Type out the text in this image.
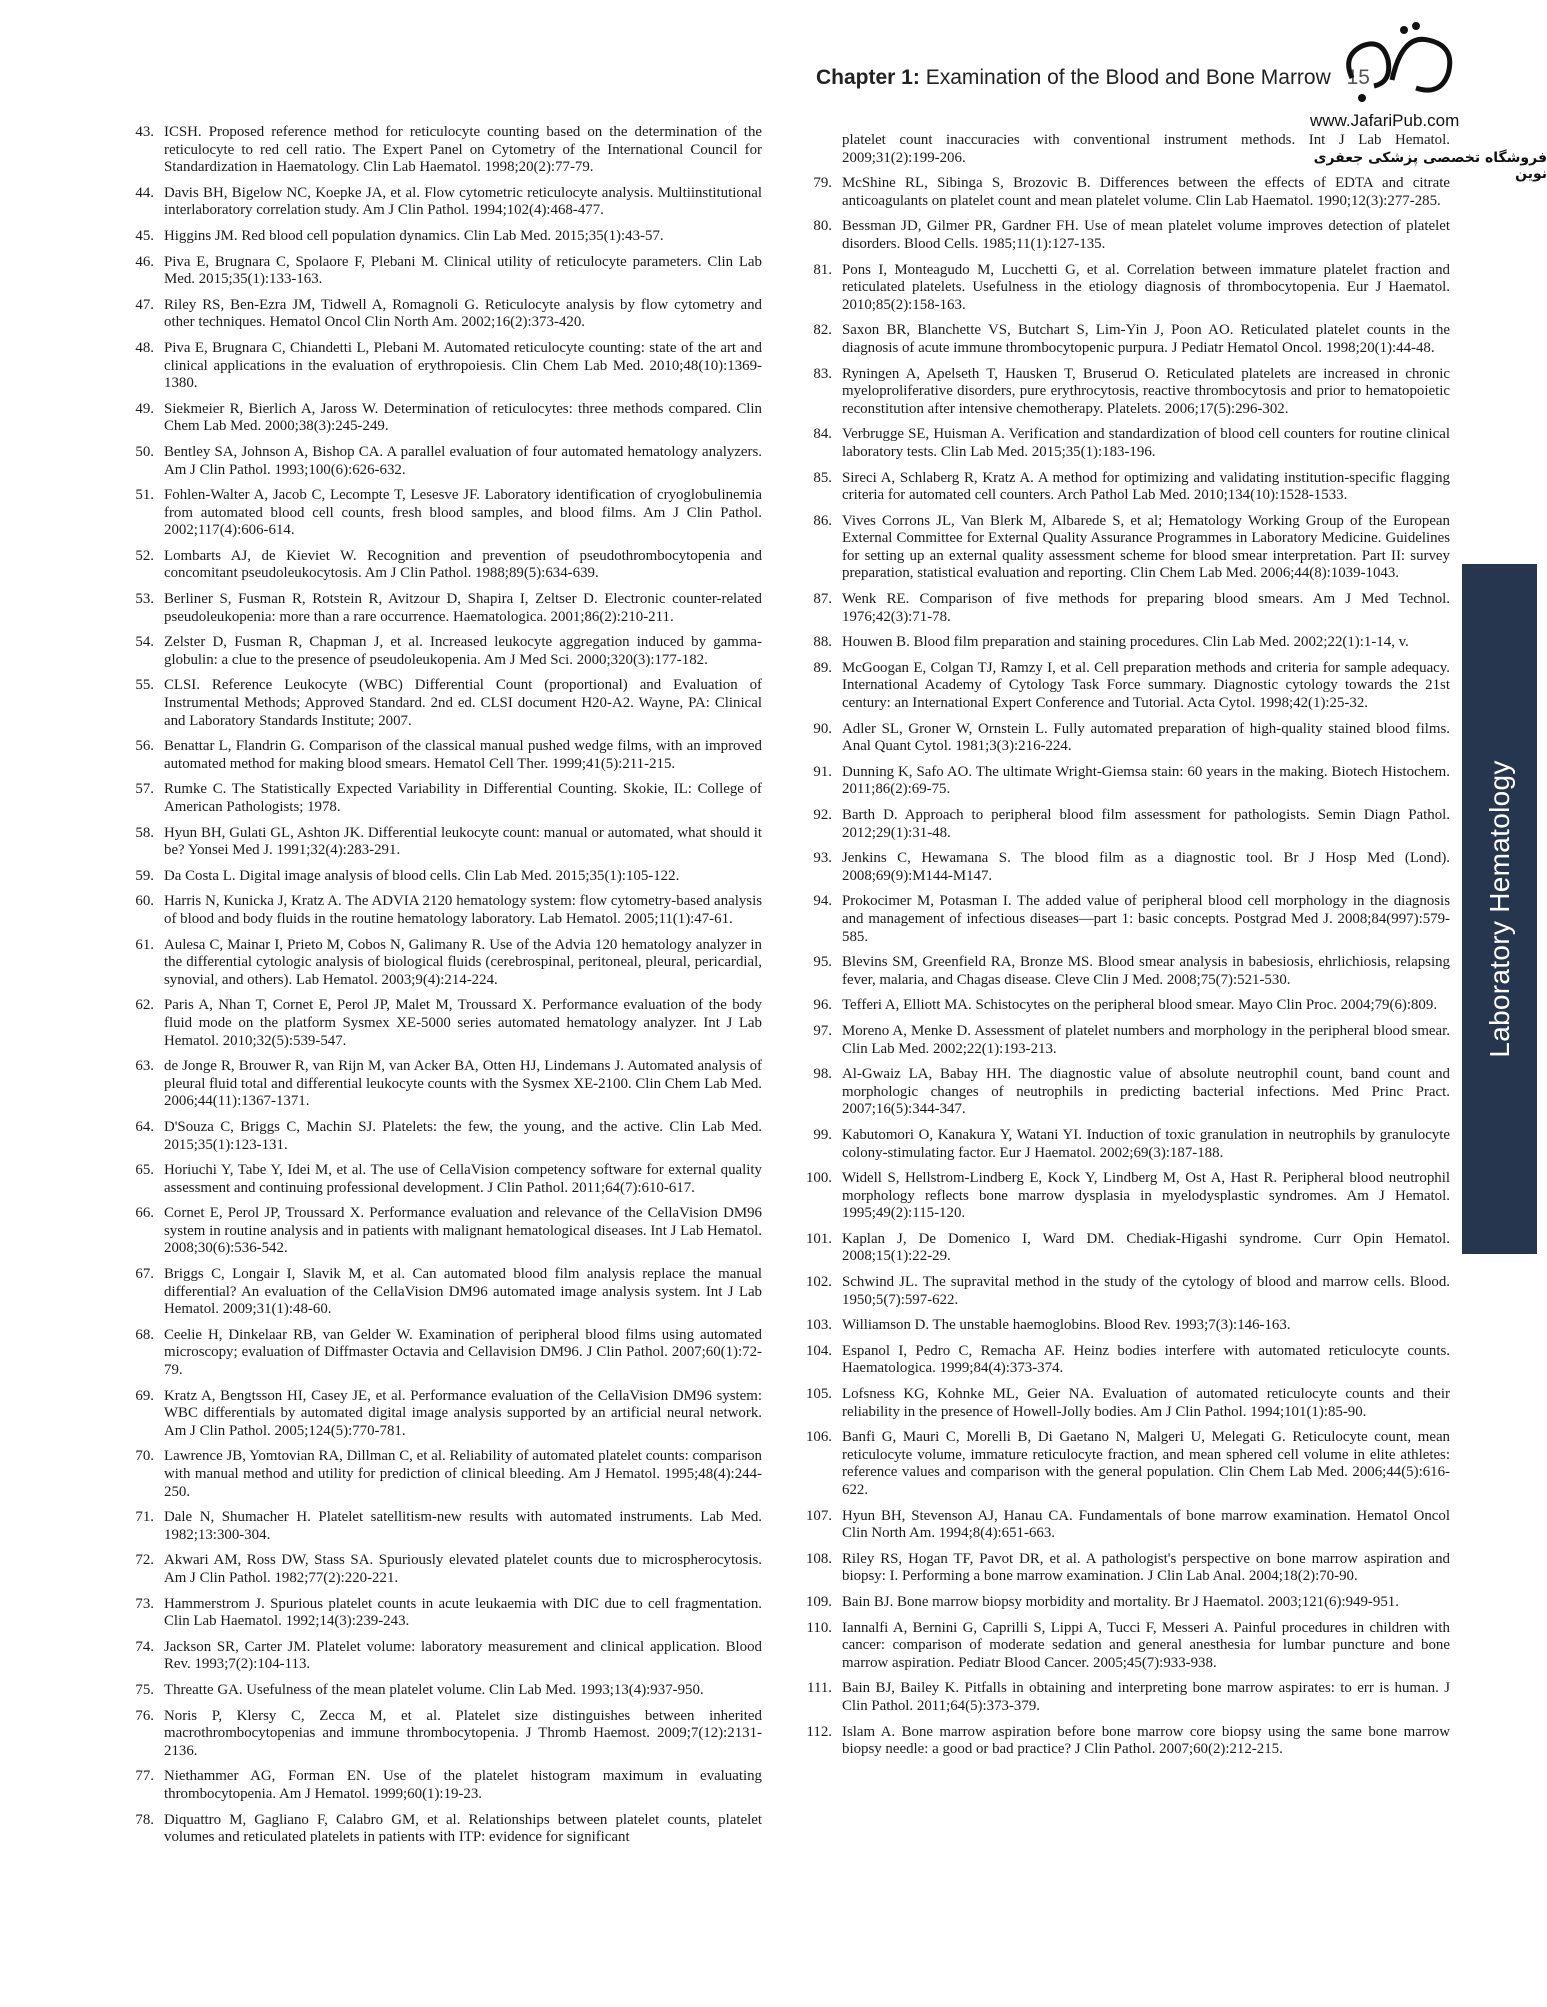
Chapter 1: Examination of the Blood and Bone Marrow 15
www.JafariPub.com
فروشگاه تخصصی پزشکی جعفری نوین
Laboratory Hematology
43. ICSH. Proposed reference method for reticulocyte counting based on the determination of the reticulocyte to red cell ratio. The Expert Panel on Cytometry of the International Council for Standardization in Haematology. Clin Lab Haematol. 1998;20(2):77-79.
44. Davis BH, Bigelow NC, Koepke JA, et al. Flow cytometric reticulocyte analysis. Multiinstitutional interlaboratory correlation study. Am J Clin Pathol. 1994;102(4):468-477.
45. Higgins JM. Red blood cell population dynamics. Clin Lab Med. 2015;35(1):43-57.
46. Piva E, Brugnara C, Spolaore F, Plebani M. Clinical utility of reticulocyte parameters. Clin Lab Med. 2015;35(1):133-163.
47. Riley RS, Ben-Ezra JM, Tidwell A, Romagnoli G. Reticulocyte analysis by flow cytometry and other techniques. Hematol Oncol Clin North Am. 2002;16(2):373-420.
48. Piva E, Brugnara C, Chiandetti L, Plebani M. Automated reticulocyte counting: state of the art and clinical applications in the evaluation of erythropoiesis. Clin Chem Lab Med. 2010;48(10):1369-1380.
49. Siekmeier R, Bierlich A, Jaross W. Determination of reticulocytes: three methods compared. Clin Chem Lab Med. 2000;38(3):245-249.
50. Bentley SA, Johnson A, Bishop CA. A parallel evaluation of four automated hematology analyzers. Am J Clin Pathol. 1993;100(6):626-632.
51. Fohlen-Walter A, Jacob C, Lecompte T, Lesesve JF. Laboratory identification of cryoglobulinemia from automated blood cell counts, fresh blood samples, and blood films. Am J Clin Pathol. 2002;117(4):606-614.
52. Lombarts AJ, de Kieviet W. Recognition and prevention of pseudothrombocytopenia and concomitant pseudoleukocytosis. Am J Clin Pathol. 1988;89(5):634-639.
53. Berliner S, Fusman R, Rotstein R, Avitzour D, Shapira I, Zeltser D. Electronic counter-related pseudoleukopenia: more than a rare occurrence. Haematologica. 2001;86(2):210-211.
54. Zelster D, Fusman R, Chapman J, et al. Increased leukocyte aggregation induced by gamma-globulin: a clue to the presence of pseudoleukopenia. Am J Med Sci. 2000;320(3):177-182.
55. CLSI. Reference Leukocyte (WBC) Differential Count (proportional) and Evaluation of Instrumental Methods; Approved Standard. 2nd ed. CLSI document H20-A2. Wayne, PA: Clinical and Laboratory Standards Institute; 2007.
56. Benattar L, Flandrin G. Comparison of the classical manual pushed wedge films, with an improved automated method for making blood smears. Hematol Cell Ther. 1999;41(5):211-215.
57. Rumke C. The Statistically Expected Variability in Differential Counting. Skokie, IL: College of American Pathologists; 1978.
58. Hyun BH, Gulati GL, Ashton JK. Differential leukocyte count: manual or automated, what should it be? Yonsei Med J. 1991;32(4):283-291.
59. Da Costa L. Digital image analysis of blood cells. Clin Lab Med. 2015;35(1):105-122.
60. Harris N, Kunicka J, Kratz A. The ADVIA 2120 hematology system: flow cytometry-based analysis of blood and body fluids in the routine hematology laboratory. Lab Hematol. 2005;11(1):47-61.
61. Aulesa C, Mainar I, Prieto M, Cobos N, Galimany R. Use of the Advia 120 hematology analyzer in the differential cytologic analysis of biological fluids (cerebrospinal, peritoneal, pleural, pericardial, synovial, and others). Lab Hematol. 2003;9(4):214-224.
62. Paris A, Nhan T, Cornet E, Perol JP, Malet M, Troussard X. Performance evaluation of the body fluid mode on the platform Sysmex XE-5000 series automated hematology analyzer. Int J Lab Hematol. 2010;32(5):539-547.
63. de Jonge R, Brouwer R, van Rijn M, van Acker BA, Otten HJ, Lindemans J. Automated analysis of pleural fluid total and differential leukocyte counts with the Sysmex XE-2100. Clin Chem Lab Med. 2006;44(11):1367-1371.
64. D'Souza C, Briggs C, Machin SJ. Platelets: the few, the young, and the active. Clin Lab Med. 2015;35(1):123-131.
65. Horiuchi Y, Tabe Y, Idei M, et al. The use of CellaVision competency software for external quality assessment and continuing professional development. J Clin Pathol. 2011;64(7):610-617.
66. Cornet E, Perol JP, Troussard X. Performance evaluation and relevance of the CellaVision DM96 system in routine analysis and in patients with malignant hematological diseases. Int J Lab Hematol. 2008;30(6):536-542.
67. Briggs C, Longair I, Slavik M, et al. Can automated blood film analysis replace the manual differential? An evaluation of the CellaVision DM96 automated image analysis system. Int J Lab Hematol. 2009;31(1):48-60.
68. Ceelie H, Dinkelaar RB, van Gelder W. Examination of peripheral blood films using automated microscopy; evaluation of Diffmaster Octavia and Cellavision DM96. J Clin Pathol. 2007;60(1):72-79.
69. Kratz A, Bengtsson HI, Casey JE, et al. Performance evaluation of the CellaVision DM96 system: WBC differentials by automated digital image analysis supported by an artificial neural network. Am J Clin Pathol. 2005;124(5):770-781.
70. Lawrence JB, Yomtovian RA, Dillman C, et al. Reliability of automated platelet counts: comparison with manual method and utility for prediction of clinical bleeding. Am J Hematol. 1995;48(4):244-250.
71. Dale N, Shumacher H. Platelet satellitism-new results with automated instruments. Lab Med. 1982;13:300-304.
72. Akwari AM, Ross DW, Stass SA. Spuriously elevated platelet counts due to microspherocytosis. Am J Clin Pathol. 1982;77(2):220-221.
73. Hammerstrom J. Spurious platelet counts in acute leukaemia with DIC due to cell fragmentation. Clin Lab Haematol. 1992;14(3):239-243.
74. Jackson SR, Carter JM. Platelet volume: laboratory measurement and clinical application. Blood Rev. 1993;7(2):104-113.
75. Threatte GA. Usefulness of the mean platelet volume. Clin Lab Med. 1993;13(4):937-950.
76. Noris P, Klersy C, Zecca M, et al. Platelet size distinguishes between inherited macrothrombocytopenias and immune thrombocytopenia. J Thromb Haemost. 2009;7(12):2131-2136.
77. Niethammer AG, Forman EN. Use of the platelet histogram maximum in evaluating thrombocytopenia. Am J Hematol. 1999;60(1):19-23.
78. Diquattro M, Gagliano F, Calabro GM, et al. Relationships between platelet counts, platelet volumes and reticulated platelets in patients with ITP: evidence for significant
platelet count inaccuracies with conventional instrument methods. Int J Lab Hematol. 2009;31(2):199-206.
79. McShine RL, Sibinga S, Brozovic B. Differences between the effects of EDTA and citrate anticoagulants on platelet count and mean platelet volume. Clin Lab Haematol. 1990;12(3):277-285.
80. Bessman JD, Gilmer PR, Gardner FH. Use of mean platelet volume improves detection of platelet disorders. Blood Cells. 1985;11(1):127-135.
81. Pons I, Monteagudo M, Lucchetti G, et al. Correlation between immature platelet fraction and reticulated platelets. Usefulness in the etiology diagnosis of thrombocytopenia. Eur J Haematol. 2010;85(2):158-163.
82. Saxon BR, Blanchette VS, Butchart S, Lim-Yin J, Poon AO. Reticulated platelet counts in the diagnosis of acute immune thrombocytopenic purpura. J Pediatr Hematol Oncol. 1998;20(1):44-48.
83. Ryningen A, Apelseth T, Hausken T, Bruserud O. Reticulated platelets are increased in chronic myeloproliferative disorders, pure erythrocytosis, reactive thrombocytosis and prior to hematopoietic reconstitution after intensive chemotherapy. Platelets. 2006;17(5):296-302.
84. Verbrugge SE, Huisman A. Verification and standardization of blood cell counters for routine clinical laboratory tests. Clin Lab Med. 2015;35(1):183-196.
85. Sireci A, Schlaberg R, Kratz A. A method for optimizing and validating institution-specific flagging criteria for automated cell counters. Arch Pathol Lab Med. 2010;134(10):1528-1533.
86. Vives Corrons JL, Van Blerk M, Albarede S, et al; Hematology Working Group of the European External Committee for External Quality Assurance Programmes in Laboratory Medicine. Guidelines for setting up an external quality assessment scheme for blood smear interpretation. Part II: survey preparation, statistical evaluation and reporting. Clin Chem Lab Med. 2006;44(8):1039-1043.
87. Wenk RE. Comparison of five methods for preparing blood smears. Am J Med Technol. 1976;42(3):71-78.
88. Houwen B. Blood film preparation and staining procedures. Clin Lab Med. 2002;22(1):1-14, v.
89. McGoogan E, Colgan TJ, Ramzy I, et al. Cell preparation methods and criteria for sample adequacy. International Academy of Cytology Task Force summary. Diagnostic cytology towards the 21st century: an International Expert Conference and Tutorial. Acta Cytol. 1998;42(1):25-32.
90. Adler SL, Groner W, Ornstein L. Fully automated preparation of high-quality stained blood films. Anal Quant Cytol. 1981;3(3):216-224.
91. Dunning K, Safo AO. The ultimate Wright-Giemsa stain: 60 years in the making. Biotech Histochem. 2011;86(2):69-75.
92. Barth D. Approach to peripheral blood film assessment for pathologists. Semin Diagn Pathol. 2012;29(1):31-48.
93. Jenkins C, Hewamana S. The blood film as a diagnostic tool. Br J Hosp Med (Lond). 2008;69(9):M144-M147.
94. Prokocimer M, Potasman I. The added value of peripheral blood cell morphology in the diagnosis and management of infectious diseases—part 1: basic concepts. Postgrad Med J. 2008;84(997):579-585.
95. Blevins SM, Greenfield RA, Bronze MS. Blood smear analysis in babesiosis, ehrlichiosis, relapsing fever, malaria, and Chagas disease. Cleve Clin J Med. 2008;75(7):521-530.
96. Tefferi A, Elliott MA. Schistocytes on the peripheral blood smear. Mayo Clin Proc. 2004;79(6):809.
97. Moreno A, Menke D. Assessment of platelet numbers and morphology in the peripheral blood smear. Clin Lab Med. 2002;22(1):193-213.
98. Al-Gwaiz LA, Babay HH. The diagnostic value of absolute neutrophil count, band count and morphologic changes of neutrophils in predicting bacterial infections. Med Princ Pract. 2007;16(5):344-347.
99. Kabutomori O, Kanakura Y, Watani YI. Induction of toxic granulation in neutrophils by granulocyte colony-stimulating factor. Eur J Haematol. 2002;69(3):187-188.
100. Widell S, Hellstrom-Lindberg E, Kock Y, Lindberg M, Ost A, Hast R. Peripheral blood neutrophil morphology reflects bone marrow dysplasia in myelodysplastic syndromes. Am J Hematol. 1995;49(2):115-120.
101. Kaplan J, De Domenico I, Ward DM. Chediak-Higashi syndrome. Curr Opin Hematol. 2008;15(1):22-29.
102. Schwind JL. The supravital method in the study of the cytology of blood and marrow cells. Blood. 1950;5(7):597-622.
103. Williamson D. The unstable haemoglobins. Blood Rev. 1993;7(3):146-163.
104. Espanol I, Pedro C, Remacha AF. Heinz bodies interfere with automated reticulocyte counts. Haematologica. 1999;84(4):373-374.
105. Lofsness KG, Kohnke ML, Geier NA. Evaluation of automated reticulocyte counts and their reliability in the presence of Howell-Jolly bodies. Am J Clin Pathol. 1994;101(1):85-90.
106. Banfi G, Mauri C, Morelli B, Di Gaetano N, Malgeri U, Melegati G. Reticulocyte count, mean reticulocyte volume, immature reticulocyte fraction, and mean sphered cell volume in elite athletes: reference values and comparison with the general population. Clin Chem Lab Med. 2006;44(5):616-622.
107. Hyun BH, Stevenson AJ, Hanau CA. Fundamentals of bone marrow examination. Hematol Oncol Clin North Am. 1994;8(4):651-663.
108. Riley RS, Hogan TF, Pavot DR, et al. A pathologist's perspective on bone marrow aspiration and biopsy: I. Performing a bone marrow examination. J Clin Lab Anal. 2004;18(2):70-90.
109. Bain BJ. Bone marrow biopsy morbidity and mortality. Br J Haematol. 2003;121(6):949-951.
110. Iannalfi A, Bernini G, Caprilli S, Lippi A, Tucci F, Messeri A. Painful procedures in children with cancer: comparison of moderate sedation and general anesthesia for lumbar puncture and bone marrow aspiration. Pediatr Blood Cancer. 2005;45(7):933-938.
111. Bain BJ, Bailey K. Pitfalls in obtaining and interpreting bone marrow aspirates: to err is human. J Clin Pathol. 2011;64(5):373-379.
112. Islam A. Bone marrow aspiration before bone marrow core biopsy using the same bone marrow biopsy needle: a good or bad practice? J Clin Pathol. 2007;60(2):212-215.
